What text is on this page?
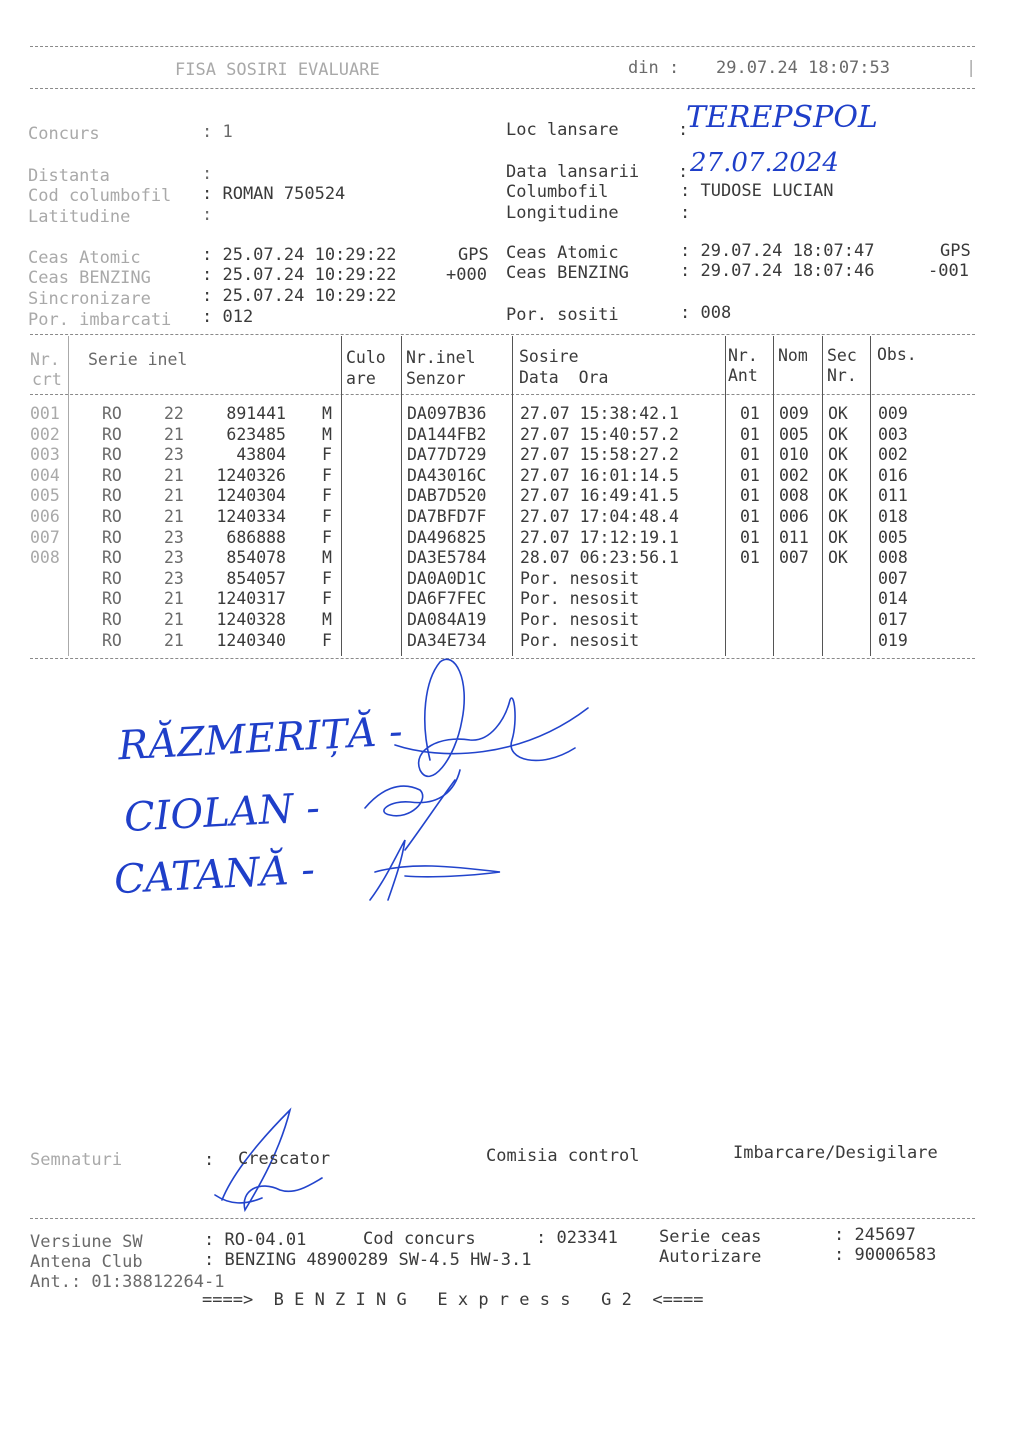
FISA SOSIRI EVALUARE	din : 29.07.24 18:07:53	|
Concurs	: 1
Distanta	:
Cod columbofil : ROMAN 750524
Latitudine	:
Loc lansare	:
TEREPSPOL
Data lansarii : 27.07.2024
Columbofil	: TUDOSE LUCIAN
Longitudine	:
Ceas Atomic	: 25.07.24 10:29:22	GPS
Ceas BENZING	: 25.07.24 10:29:22	+000
Sincronizare	: 25.07.24 10:29:22
Por. imbarcati : 012
Ceas Atomic	: 29.07.24 18:07:47	GPS
Ceas BENZING	: 29.07.24 18:07:46	-001
Por. sositi	: 008
Nr.
crt
Serie inel	Culo
are
Nr.inel
Senzor
Sosire
Data  Ora
Nr.
Ant
Nom Sec
Nr.
Obs.
001	RO	22	891441 M	DA097B36 27.07 15:38:42.1	01 009 OK 009
002	RO	21	623485 M	DA144FB2 27.07 15:40:57.2	01 005 OK 003
003	RO	23	43804 F	DA77D729 27.07 15:58:27.2	01 010 OK 002
004	RO	21	1240326 F	DA43016C 27.07 16:01:14.5	01 002 OK 016
005	RO	21	1240304 F	DAB7D520 27.07 16:49:41.5	01 008 OK 011
006	RO	21	1240334 F	DA7BFD7F 27.07 17:04:48.4	01 006 OK 018
007	RO	23	686888 F	DA496825 27.07 17:12:19.1	01 011 OK 005
008	RO	23	854078 M	DA3E5784 28.07 06:23:56.1	01 007 OK 008
RO	23	854057 F	DA0A0D1C Por. nesosit	007
RO	21	1240317 F	DA6F7FEC Por. nesosit	014
RO	21	1240328 M	DA084A19 Por. nesosit	017
RO	21	1240340 F	DA34E734 Por. nesosit	019
RĂZMERIȚĂ -
CIOLAN -
CATANĂ -
Semnaturi	: Crescator	Comisia control	Imbarcare/Desigilare
Versiune SW	: RO-04.01	Cod concurs	: 023341 Serie ceas	: 245697
Antena Club	: BENZING 48900289 SW-4.5 HW-3.1	Autorizare	: 90006583
Ant.: 01:38812264-1
====>  B E N Z I N G   E x p r e s s   G 2  <====
